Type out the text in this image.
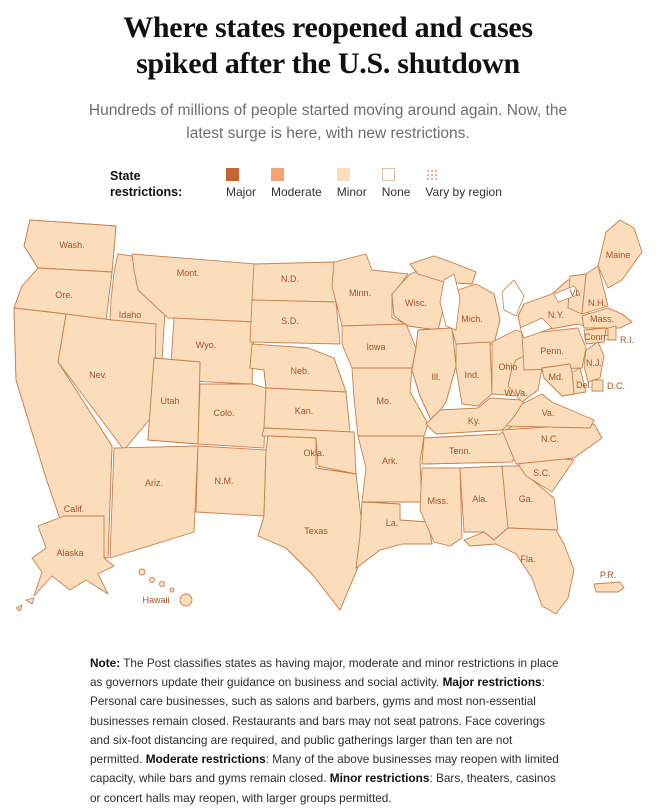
Where states reopened and cases spiked after the U.S. shutdown

Hundreds of millions of people started moving around again. Now, the latest surge is here, with new restrictions.

State restrictions:	Major Moderate Minor None Vary by region
Wash.
Ore.
Calif.
Nev.
Idaho
Mont.
Wyo.
Utah
Colo.
Ariz.	N.M.
N.D.
S.D.
Neb.
Kan.
Okla.
Texas
Minn.
Iowa
Mo.
Ark.
La.
Wisc.
Ill.
Mich.
Ind.
Ohio
Ky.
Tenn.
Miss.	Ala.	Ga.
S.C.
N.C.
Va.
W.Va.
Fla.
Maine
Vt.
N.H.
Mass.
Conn. R.I.
N.Y.
Penn.
N.J.
Md.
Del. D.C.
Alaska
Hawaii
P.R.

Note: The Post classifies states as having major, moderate and minor restrictions in place as governors update their guidance on business and social activity. Major restrictions: Personal care businesses, such as salons and barbers, gyms and most non-essential businesses remain closed. Restaurants and bars may not seat patrons. Face coverings and six-foot distancing are required, and public gatherings larger than ten are not permitted. Moderate restrictions: Many of the above businesses may reopen with limited capacity, while bars and gyms remain closed. Minor restrictions: Bars, theaters, casinos or concert halls may reopen, with larger groups permitted.
